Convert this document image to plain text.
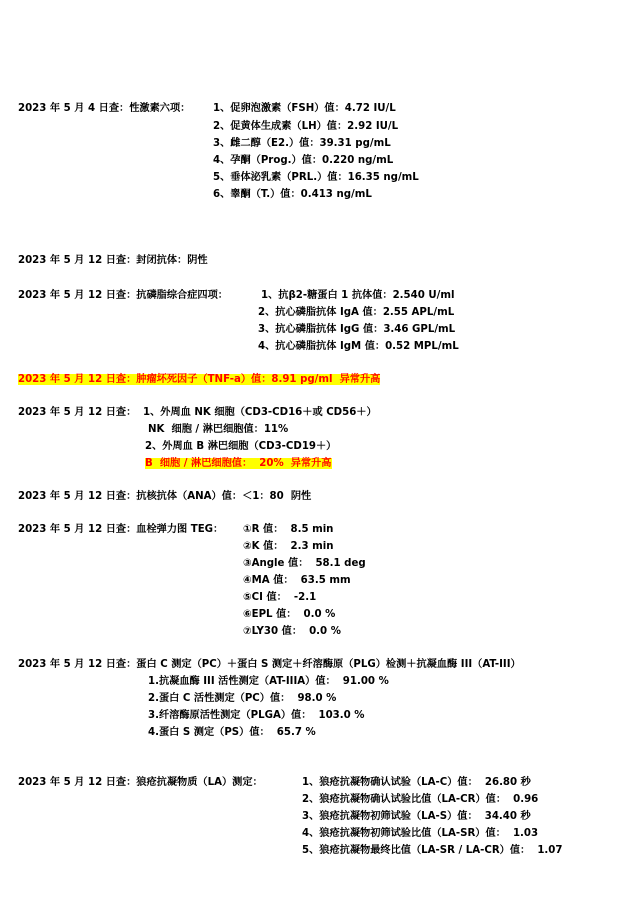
2023 年 5 月 4 日查：性激素六项： 1、促卵泡激素（FSH）值：4.72 IU/L
2、促黄体生成素（LH）值：2.92 IU/L
3、雌二醇（E2.）值：39.31 pg/mL
4、孕酮（Prog.）值：0.220 ng/mL
5、垂体泌乳素（PRL.）值：16.35 ng/mL
6、睾酮（T.）值：0.413 ng/mL
2023 年 5 月 12 日查：封闭抗体：阴性
2023 年 5 月 12 日查：抗磷脂综合症四项：	1、抗β2-糖蛋白 1 抗体值：2.540 U/ml
2、抗心磷脂抗体 IgA 值：2.55 APL/mL
3、抗心磷脂抗体 IgG 值：3.46 GPL/mL
4、抗心磷脂抗体 IgM 值：0.52 MPL/mL
2023 年 5 月 12 日查：肿瘤坏死因子（TNF-a）值：8.91 pg/ml  异常升高
2023 年 5 月 12 日查： 1、外周血 NK 细胞（CD3-CD16＋或 CD56＋）
NK  细胞 / 淋巴细胞值：11%
2、外周血 B 淋巴细胞（CD3-CD19＋）
B  细胞 / 淋巴细胞值：  20%  异常升高
2023 年 5 月 12 日查：抗核抗体（ANA）值：＜1：80  阴性
2023 年 5 月 12 日查：血栓弹力图 TEG： ①R 值：  8.5 min
②K 值：  2.3 min
③Angle 值：  58.1 deg
④MA 值：  63.5 mm
⑤CI 值：  -2.1
⑥EPL 值：  0.0 %
⑦LY30 值：  0.0 %
2023 年 5 月 12 日查：蛋白 C 测定（PC）＋蛋白 S 测定＋纤溶酶原（PLG）检测＋抗凝血酶 III（AT-III）
1.抗凝血酶 III 活性测定（AT-IIIA）值：  91.00 %
2.蛋白 C 活性测定（PC）值：  98.0 %
3.纤溶酶原活性测定（PLGA）值：  103.0 %
4.蛋白 S 测定（PS）值：  65.7 %
2023 年 5 月 12 日查：狼疮抗凝物质（LA）测定：	1、狼疮抗凝物确认试验（LA-C）值：  26.80 秒
2、狼疮抗凝物确认试验比值（LA-CR）值：  0.96
3、狼疮抗凝物初筛试验（LA-S）值：  34.40 秒
4、狼疮抗凝物初筛试验比值（LA-SR）值：  1.03
5、狼疮抗凝物最终比值（LA-SR / LA-CR）值：  1.07
